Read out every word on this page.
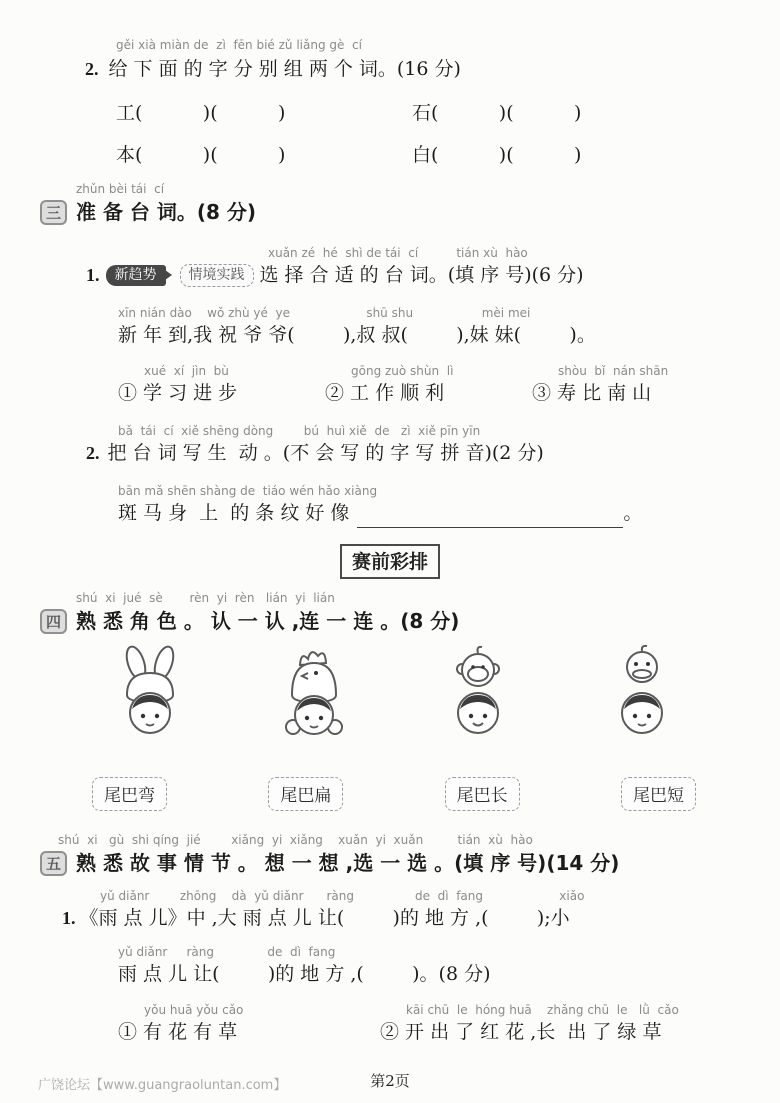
gěi xià miàn de  zì  fēn bié zǔ liǎng gè  cí
2. 给 下 面 的 字 分 别 组 两 个 词。(16 分)
工(          )(          )	石(          )(          )
本(          )(          )	白(          )(          )
zhǔn bèi tái  cí
三 准 备 台 词。(8 分)
xuǎn zé  hé  shì de tái  cí          tián xù  hào
1.	新趋势	情境实践 选 择 合 适 的 台 词。(填 序 号)(6 分)
xīn nián dào    wǒ zhù yé  ye                    shū shu                  mèi mei
新 年 到,我 祝 爷 爷(        ),叔 叔(        ),妹 妹(        )。
xué  xí  jìn  bù
① 学 习 进 步
gōng zuò shùn  lì
② 工 作 顺 利
shòu  bǐ  nán shān
③ 寿 比 南 山
bǎ  tái  cí  xiě shēng dòng        bú  huì xiě  de   zì  xiě pīn yīn
2. 把 台 词 写 生  动 。(不 会 写 的 字 写 拼 音)(2 分)
bān mǎ shēn shàng de  tiáo wén hǎo xiàng
斑 马 身  上  的 条 纹 好 像	。
赛前彩排
shú  xi  jué  sè       rèn  yi  rèn   lián  yi  lián
四 熟 悉 角 色 。 认 一 认 ,连 一 连 。(8 分)
尾巴弯	尾巴扁	尾巴长	尾巴短
shú  xi   gù  shi qíng  jié        xiǎng  yi  xiǎng    xuǎn  yi  xuǎn         tián  xù  hào
五 熟 悉 故 事 情 节 。 想 一 想 ,选 一 选 。(填 序 号)(14 分)
yǔ diǎnr        zhōng    dà  yǔ diǎnr      ràng                de  dì  fang                    xiǎo
1. 《雨 点 儿》中 ,大 雨 点 儿 让(        )的 地 方 ,(        );小
yǔ diǎnr     ràng              de  dì  fang
雨 点 儿 让(        )的 地 方 ,(        )。(8 分)
yǒu huā yǒu cǎo
① 有 花 有 草
kāi chū  le  hóng huā    zhǎng chū  le   lǜ  cǎo
② 开 出 了 红 花 ,长  出 了 绿 草
广饶论坛【www.guangraoluntan.com】	第2页
